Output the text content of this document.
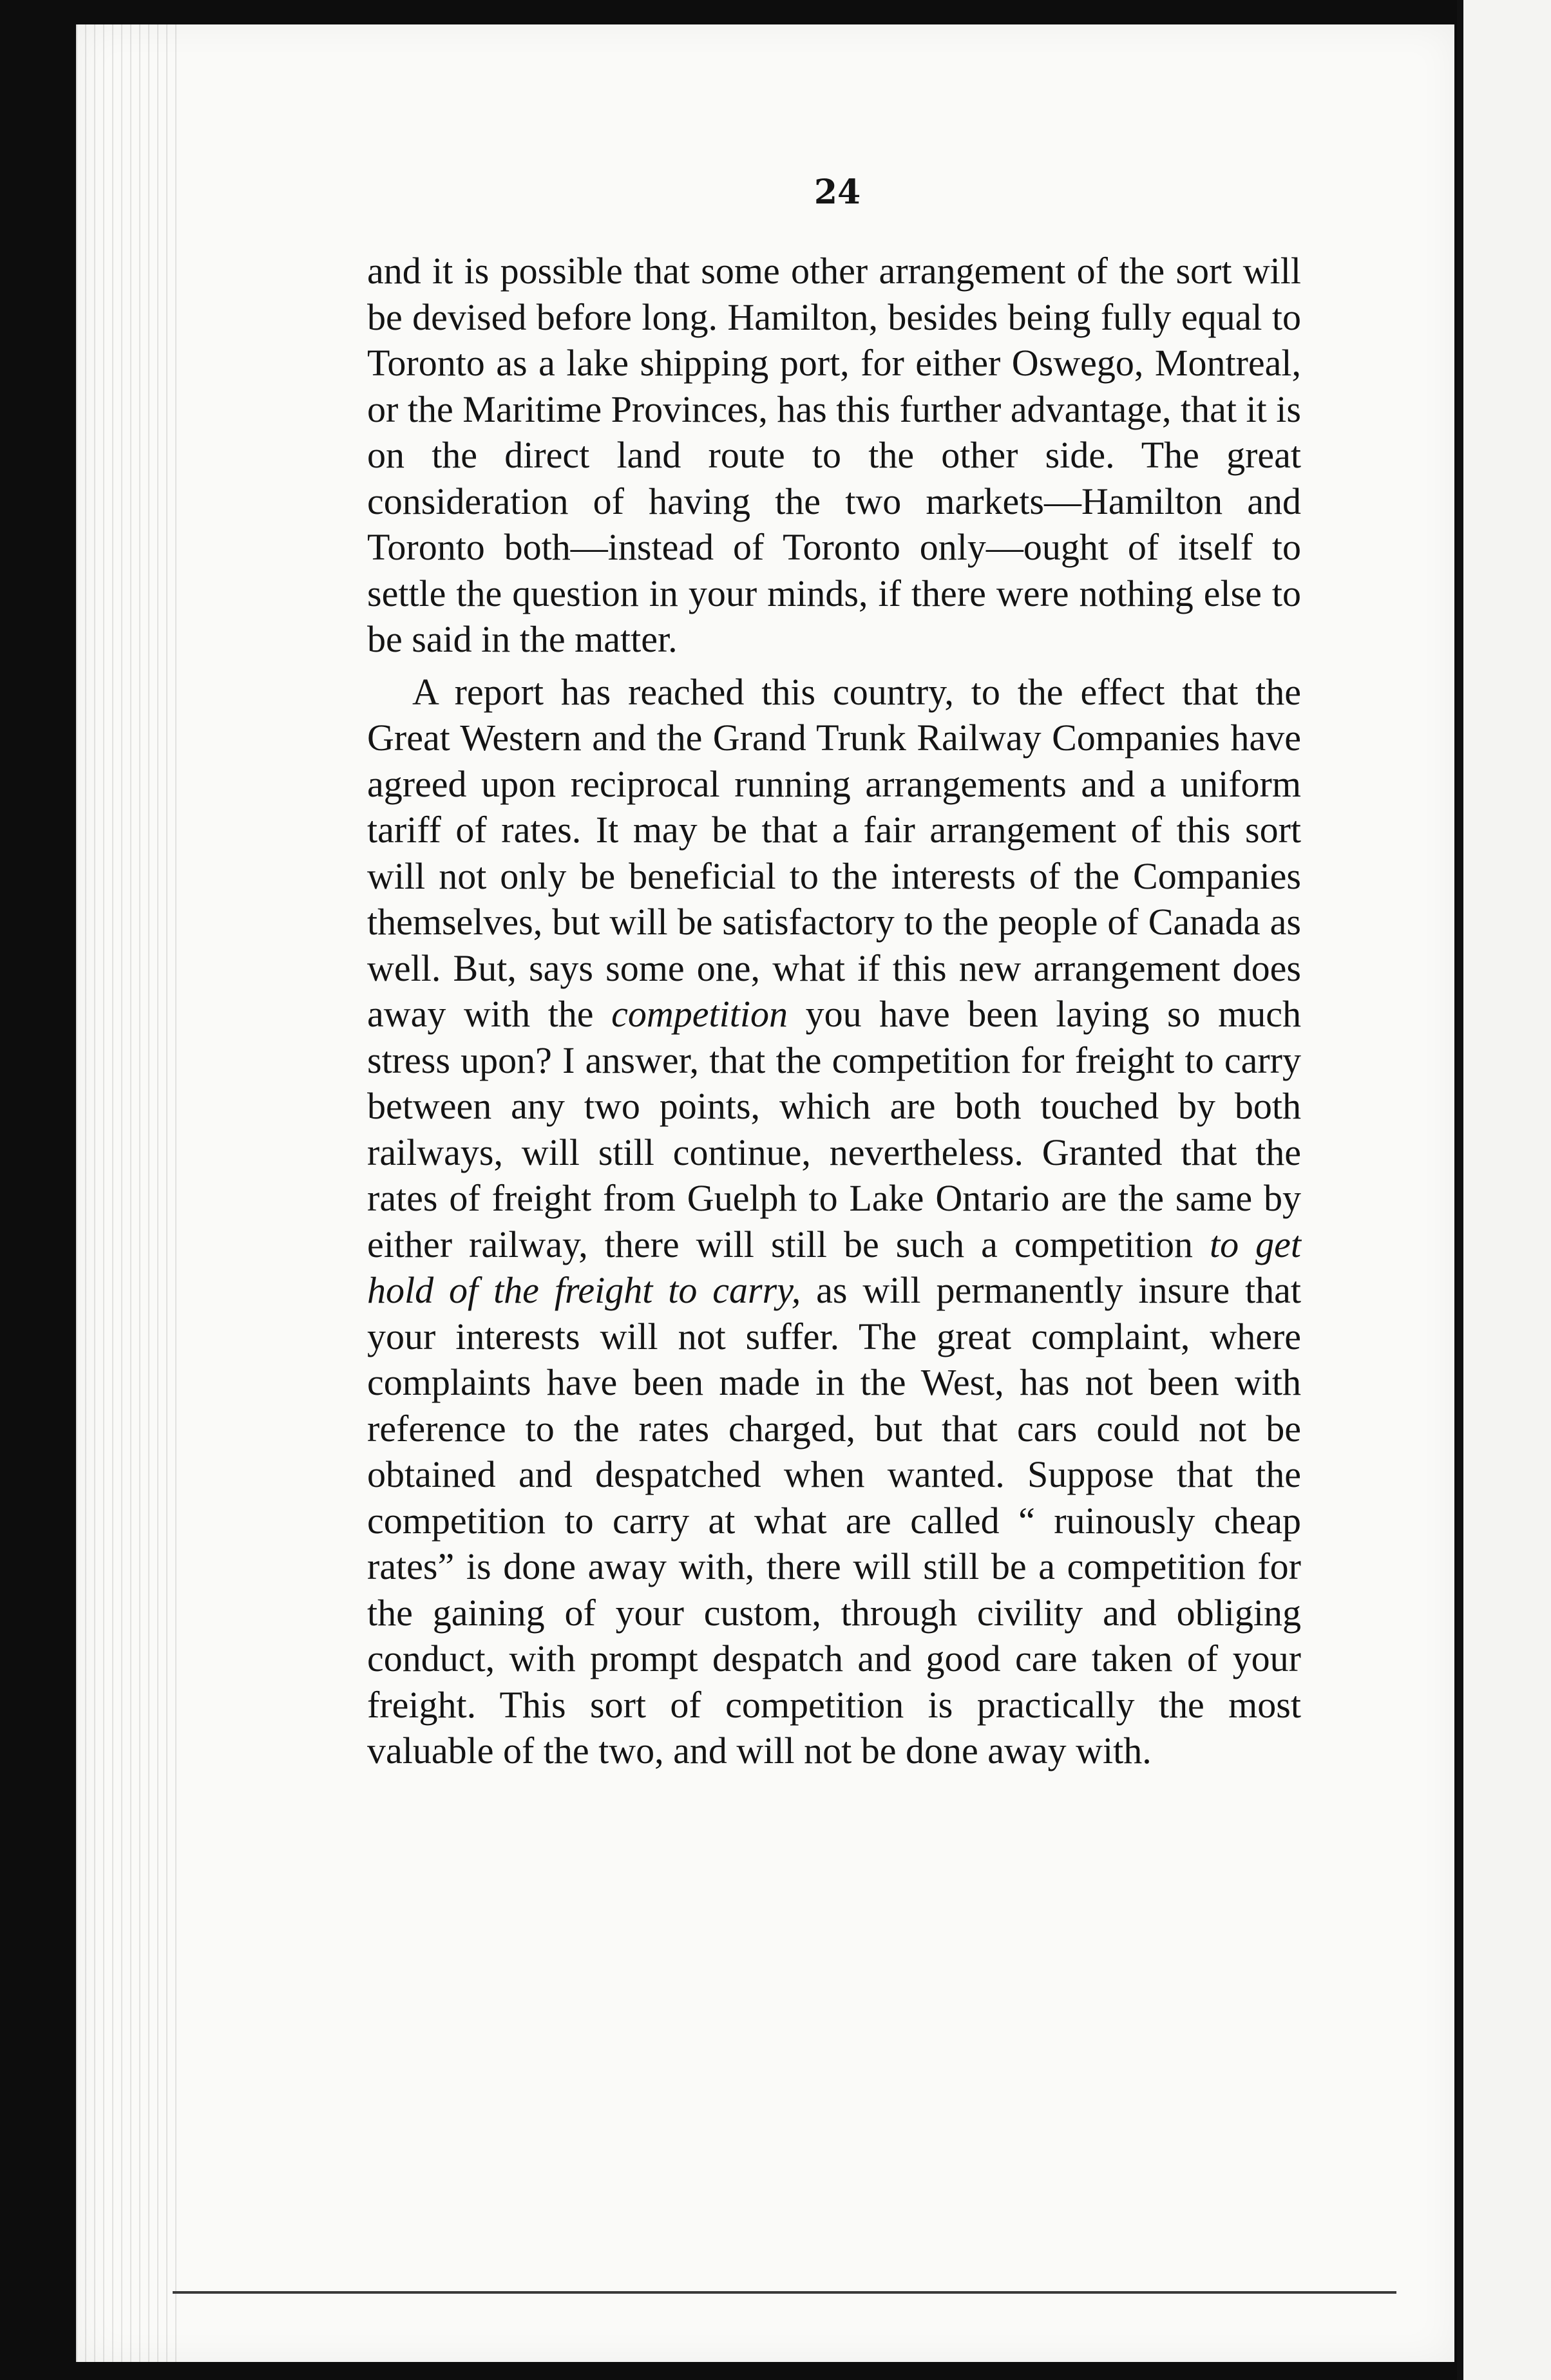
24

and it is possible that some other arrangement of the sort will be devised before long. Hamilton, besides being fully equal to Toronto as a lake shipping port, for either Oswego, Montreal, or the Maritime Provinces, has this further advantage, that it is on the direct land route to the other side. The great consideration of having the two markets—Hamilton and Toronto both—instead of Toronto only—ought of itself to settle the question in your minds, if there were nothing else to be said in the matter.

A report has reached this country, to the effect that the Great Western and the Grand Trunk Railway Companies have agreed upon reciprocal running arrangements and a uniform tariff of rates. It may be that a fair arrangement of this sort will not only be beneficial to the interests of the Companies themselves, but will be satisfactory to the people of Canada as well. But, says some one, what if this new arrangement does away with the competition you have been laying so much stress upon? I answer, that the competition for freight to carry between any two points, which are both touched by both railways, will still continue, nevertheless. Granted that the rates of freight from Guelph to Lake Ontario are the same by either railway, there will still be such a competition to get hold of the freight to carry, as will permanently insure that your interests will not suffer. The great complaint, where complaints have been made in the West, has not been with reference to the rates charged, but that cars could not be obtained and despatched when wanted. Suppose that the competition to carry at what are called “ ruinously cheap rates” is done away with, there will still be a competition for the gaining of your custom, through civility and obliging conduct, with prompt despatch and good care taken of your freight. This sort of competition is practically the most valuable of the two, and will not be done away with.
